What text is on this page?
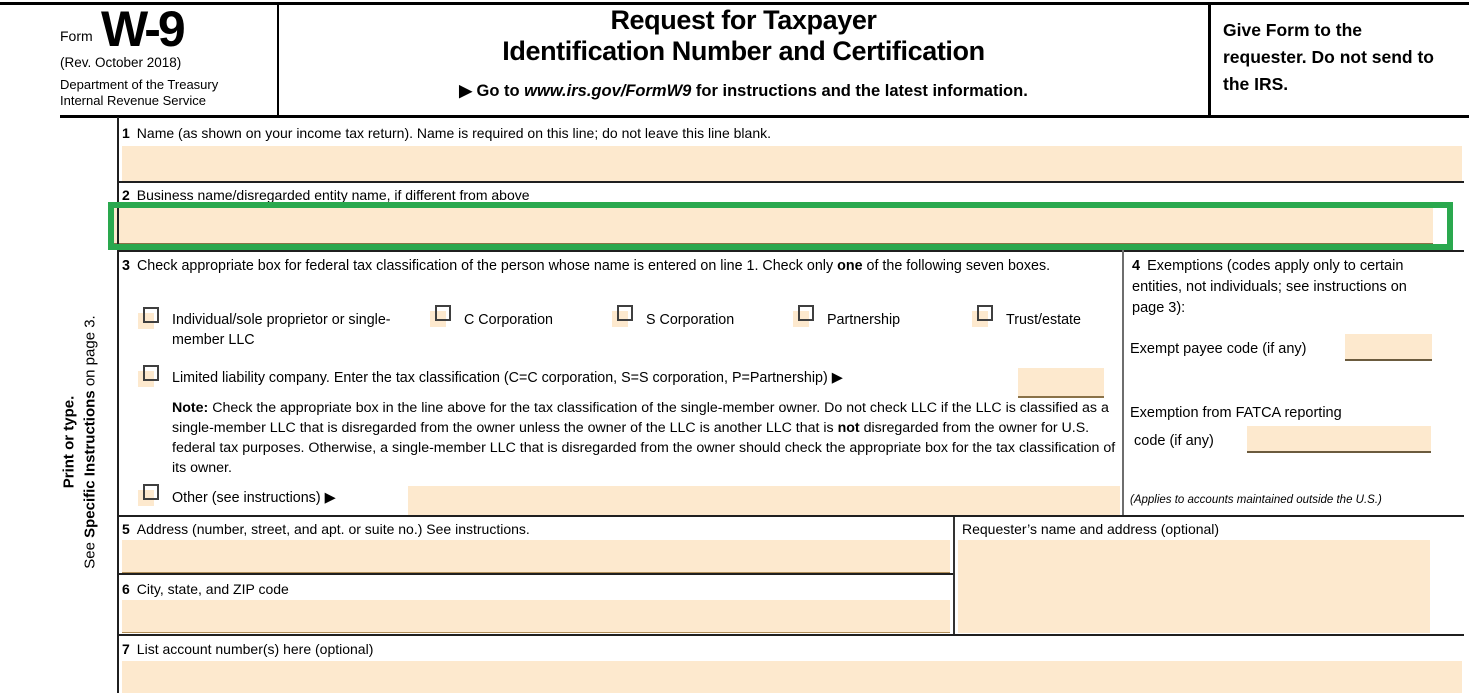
Form W-9
(Rev. October 2018)
Department of the Treasury
Internal Revenue Service
Request for Taxpayer
Identification Number and Certification
▶ Go to www.irs.gov/FormW9 for instructions and the latest information.
Give Form to the requester. Do not send to the IRS.
Print or type.
See Specific Instructions on page 3.
1 Name (as shown on your income tax return). Name is required on this line; do not leave this line blank.
2 Business name/disregarded entity name, if different from above
3 Check appropriate box for federal tax classification of the person whose name is entered on line 1. Check only one of the following seven boxes.
Individual/sole proprietor or single-member LLC
C Corporation	S Corporation	Partnership	Trust/estate
Limited liability company. Enter the tax classification (C=C corporation, S=S corporation, P=Partnership) ▶
Note: Check the appropriate box in the line above for the tax classification of the single-member owner. Do not check LLC if the LLC is classified as a single-member LLC that is disregarded from the owner unless the owner of the LLC is another LLC that is not disregarded from the owner for U.S. federal tax purposes. Otherwise, a single-member LLC that is disregarded from the owner should check the appropriate box for the tax classification of its owner.
Other (see instructions) ▶
4 Exemptions (codes apply only to certain entities, not individuals; see instructions on page 3):
Exempt payee code (if any)
Exemption from FATCA reporting
code (if any)
(Applies to accounts maintained outside the U.S.)
5 Address (number, street, and apt. or suite no.) See instructions.
6 City, state, and ZIP code
Requester’s name and address (optional)
7 List account number(s) here (optional)
